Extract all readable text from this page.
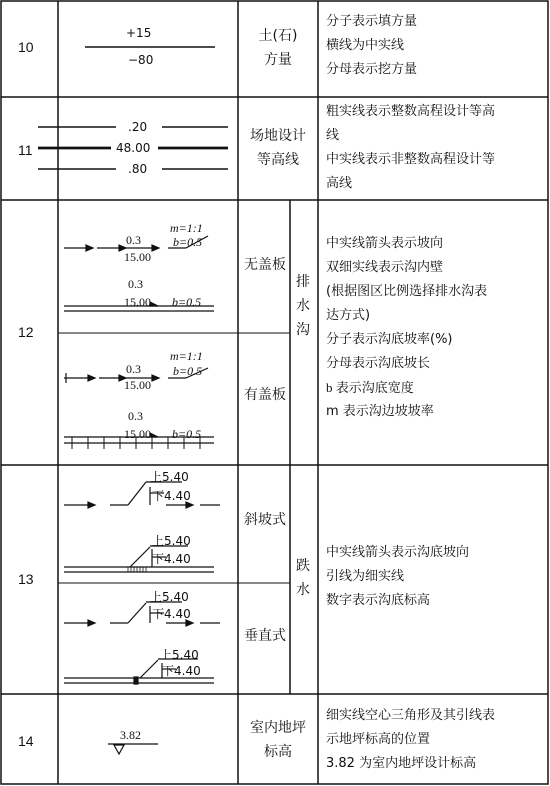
10
+15
−80
土(石)
方量
分子表示填方量
横线为中实线
分母表示挖方量
11
.20
48.00
.80
场地设计
等高线
粗实线表示整数高程设计等高
线
中实线表示非整数高程设计等
高线
12
0.3
15.00
m=1:1
b=0.5
0.3
15.00 b=0.5
0.3
15.00
m=1:1
b=0.5
0.3
15.00 b=0.5
无盖板
有盖板
排水沟
中实线箭头表示坡向
双细实线表示沟内壁
(根据图区比例选择排水沟表
达方式)
分子表示沟底坡率(%)
分母表示沟底坡长
b 表示沟底宽度
m 表示沟边坡坡率
13
上5.40
下4.40
上5.40
下4.40
上5.40
下4.40
上5.40
下4.40
斜坡式
垂直式
跌水
中实线箭头表示沟底坡向
引线为细实线
数字表示沟底标高
14	3.82	室内地坪
标高
细实线空心三角形及其引线表
示地坪标高的位置
3.82 为室内地坪设计标高
